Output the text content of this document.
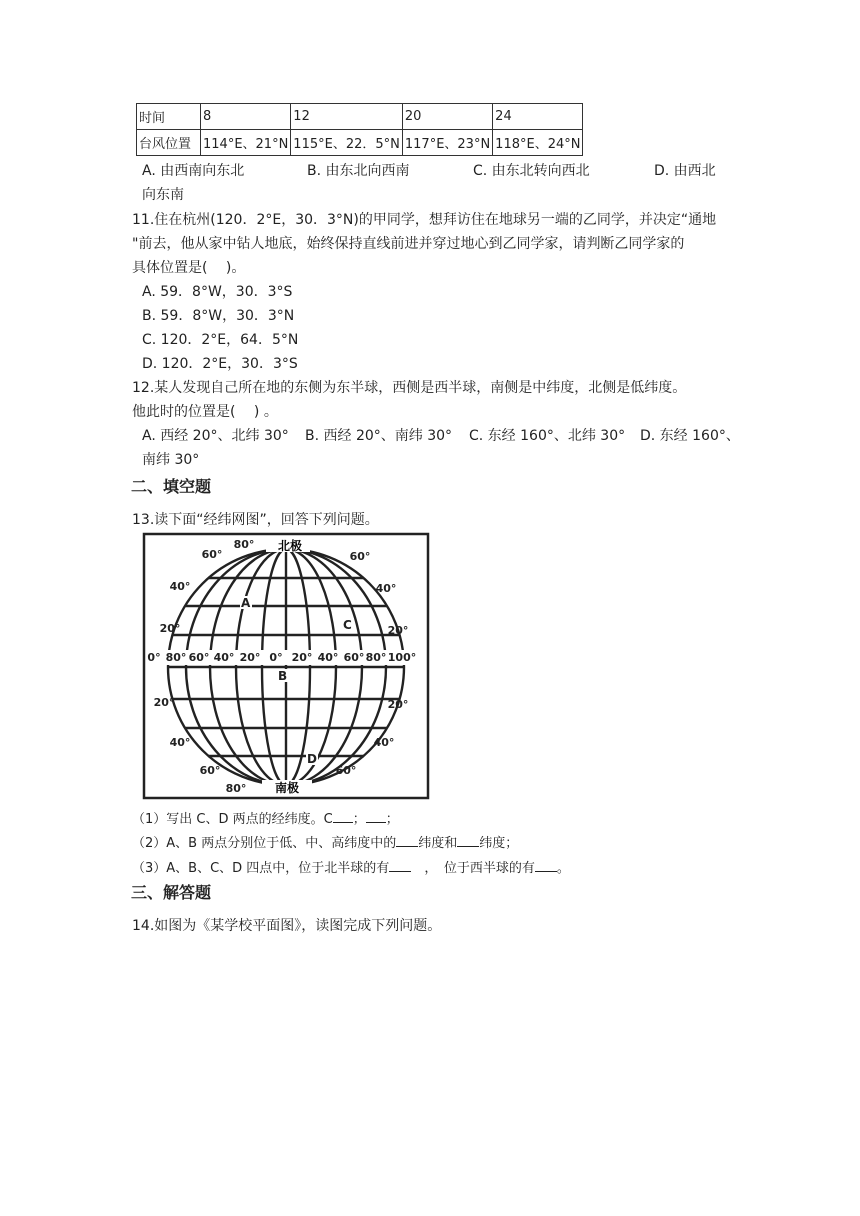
时间	8	12	20	24
台风位置	114°E、21°N	115°E、22．5°N	117°E、23°N	118°E、24°N
A. 由西南向东北	B. 由东北向西南	C. 由东北转向西北	D. 由西北
向东南
11.住在杭州(120．2°E，30．3°N)的甲同学，想拜访住在地球另一端的乙同学，并决定“通地
"前去，他从家中钻人地底，始终保持直线前进并穿过地心到乙同学家，请判断乙同学家的
具体位置是(　 )。
A. 59．8°W，30．3°S
B. 59．8°W，30．3°N
C. 120．2°E，64．5°N
D. 120．2°E，30．3°S
12.某人发现自己所在地的东侧为东半球，西侧是西半球，南侧是中纬度，北侧是低纬度。
他此时的位置是(　 ) 。
A. 西经 20°、北纬 30° B. 西经 20°、南纬 30° C. 东经 160°、北纬 30° D. 东经 160°、
南纬 30°
二、填空题
13.读下面“经纬网图”，回答下列问题。
0° 80° 60° 40° 20° 0° 20° 40° 60° 80° 100°
20°
40°
60°
80°
60°
40°
20°
20°
40°
60°
20°
40°
60°
80°
北极
南极
A
B
C
D
（1）写出 C、D 两点的经纬度。C ； ；
（2）A、B 两点分别位于低、中、高纬度中的 纬度和 纬度；
（3）A、B、C、D 四点中，位于北半球的有　，　位于西半球的有 。
三、解答题
14.如图为《某学校平面图》，读图完成下列问题。
